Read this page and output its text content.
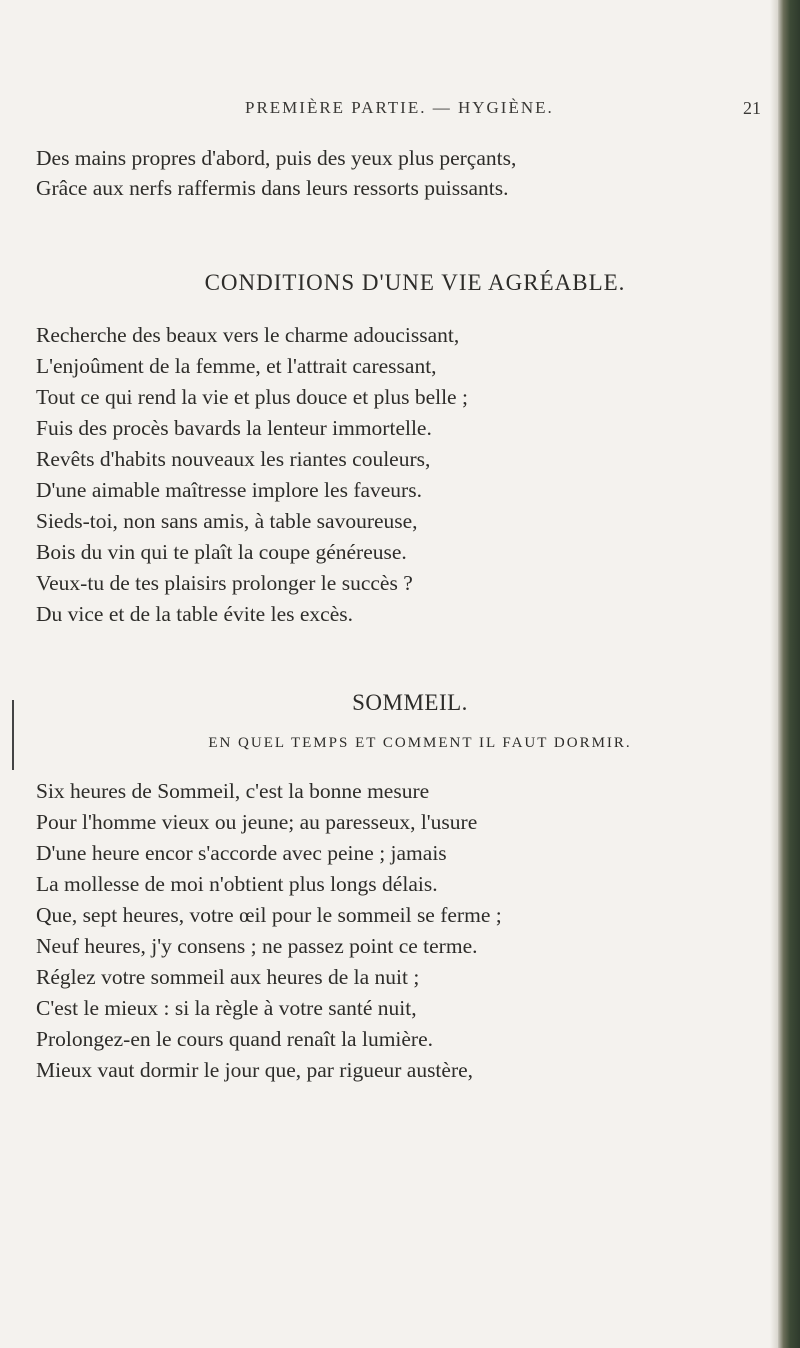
PREMIÈRE PARTIE. — HYGIÈNE.	21
Des mains propres d'abord, puis des yeux plus perçants,
Grâce aux nerfs raffermis dans leurs ressorts puissants.
CONDITIONS D'UNE VIE AGRÉABLE.
Recherche des beaux vers le charme adoucissant,
L'enjoûment de la femme, et l'attrait caressant,
Tout ce qui rend la vie et plus douce et plus belle ;
Fuis des procès bavards la lenteur immortelle.
Revêts d'habits nouveaux les riantes couleurs,
D'une aimable maîtresse implore les faveurs.
Sieds-toi, non sans amis, à table savoureuse,
Bois du vin qui te plaît la coupe généreuse.
Veux-tu de tes plaisirs prolonger le succès ?
Du vice et de la table évite les excès.
SOMMEIL.
EN QUEL TEMPS ET COMMENT IL FAUT DORMIR.
Six heures de Sommeil, c'est la bonne mesure
Pour l'homme vieux ou jeune; au paresseux, l'usure
D'une heure encor s'accorde avec peine ; jamais
La mollesse de moi n'obtient plus longs délais.
Que, sept heures, votre œil pour le sommeil se ferme ;
Neuf heures, j'y consens ; ne passez point ce terme.
Réglez votre sommeil aux heures de la nuit ;
C'est le mieux : si la règle à votre santé nuit,
Prolongez-en le cours quand renaît la lumière.
Mieux vaut dormir le jour que, par rigueur austère,
